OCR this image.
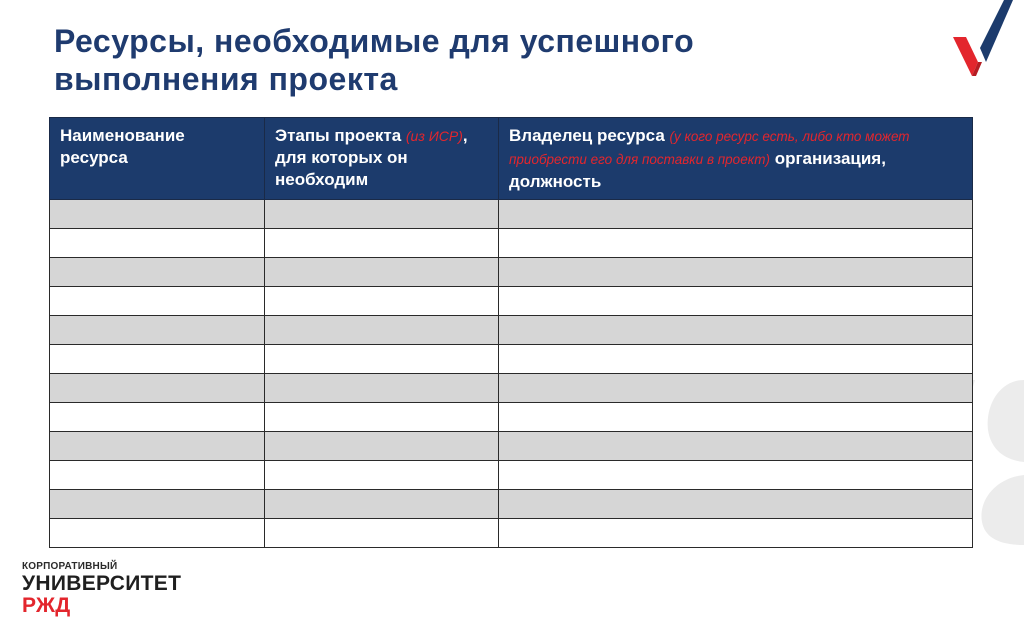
Ресурсы, необходимые для успешного
выполнения проекта
Наименование ресурса	Этапы проекта (из ИСР), для которых он необходим	Владелец ресурса (у кого ресурс есть, либо кто может приобрести его для поставки в проект) организация, должность

КОРПОРАТИВНЫЙ
УНИВЕРСИТЕТ
РЖД
